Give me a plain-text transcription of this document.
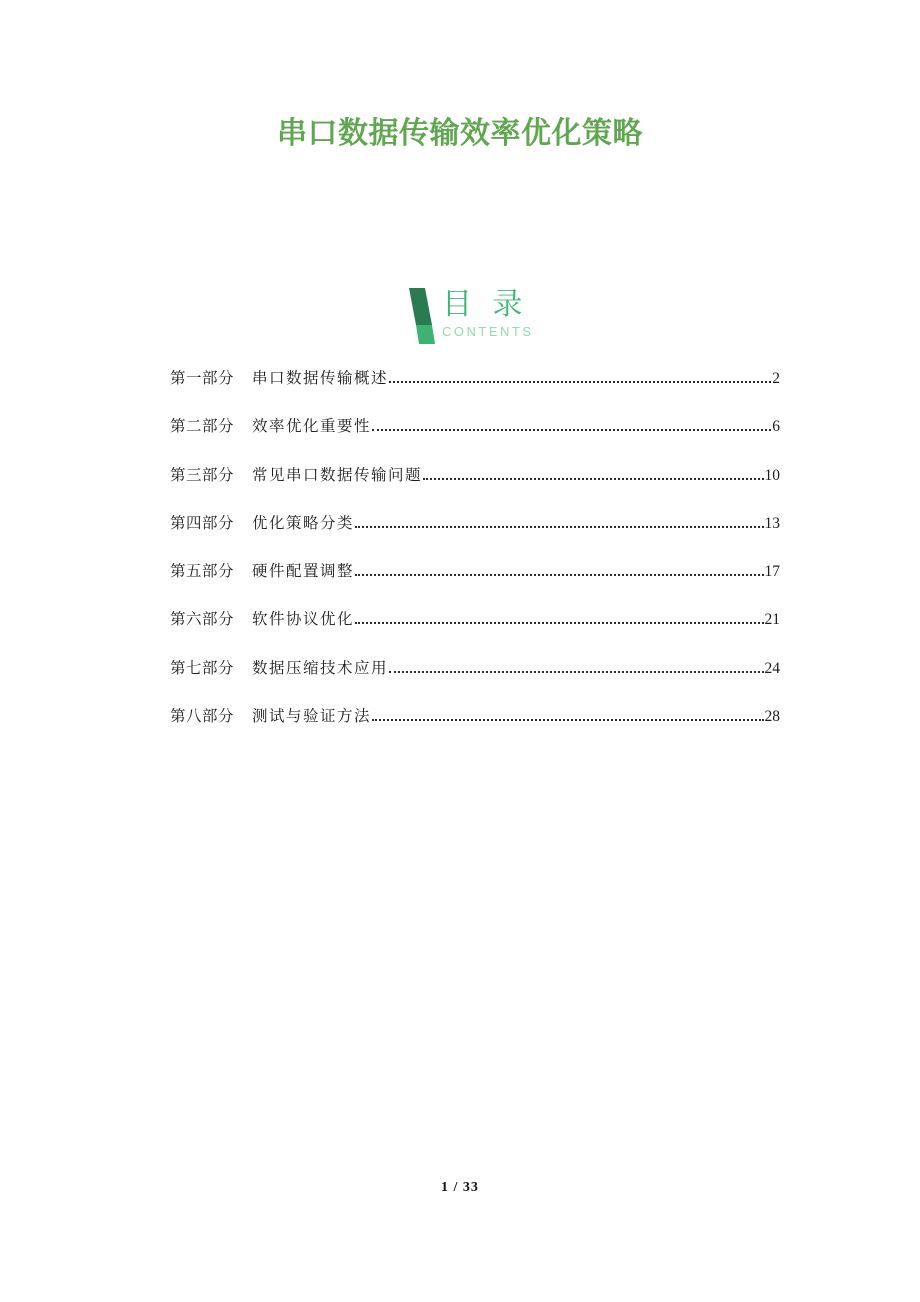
串口数据传输效率优化策略
目 录
CONTENTS
第一部分 串口数据传输概述	2
第二部分 效率优化重要性	6
第三部分 常见串口数据传输问题	10
第四部分 优化策略分类	13
第五部分 硬件配置调整	17
第六部分 软件协议优化	21
第七部分 数据压缩技术应用	24
第八部分 测试与验证方法	28
1 / 33
